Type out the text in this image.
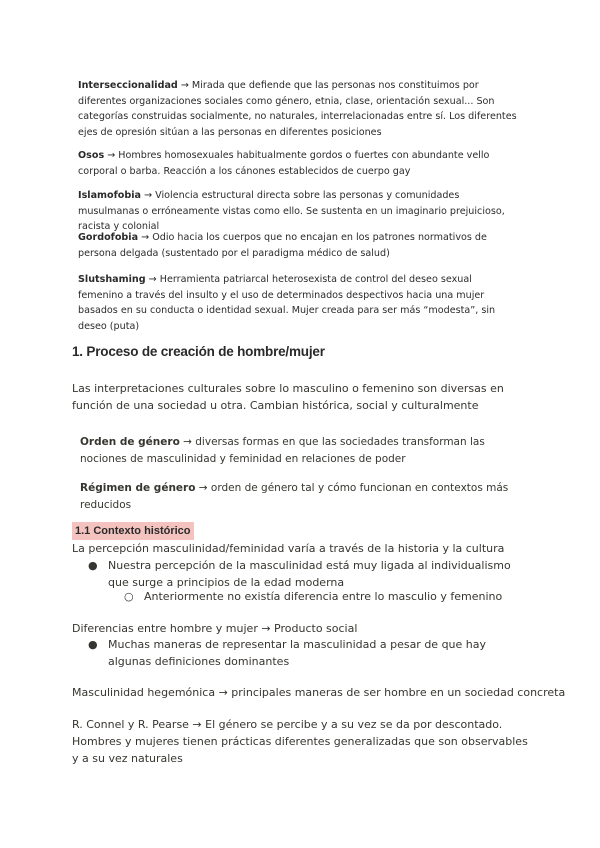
Interseccionalidad → Mirada que defiende que las personas nos constituimos por diferentes organizaciones sociales como género, etnia, clase, orientación sexual... Son categorías construidas socialmente, no naturales, interrelacionadas entre sí. Los diferentes ejes de opresión sitúan a las personas en diferentes posiciones
Osos → Hombres homosexuales habitualmente gordos o fuertes con abundante vello corporal o barba. Reacción a los cánones establecidos de cuerpo gay
Islamofobia → Violencia estructural directa sobre las personas y comunidades musulmanas o erróneamente vistas como ello. Se sustenta en un imaginario prejuicioso, racista y colonial
Gordofobia → Odio hacia los cuerpos que no encajan en los patrones normativos de persona delgada (sustentado por el paradigma médico de salud)
Slutshaming → Herramienta patriarcal heterosexista de control del deseo sexual femenino a través del insulto y el uso de determinados despectivos hacia una mujer basados en su conducta o identidad sexual. Mujer creada para ser más “modesta”, sin deseo (puta)
1. Proceso de creación de hombre/mujer
Las interpretaciones culturales sobre lo masculino o femenino son diversas en función de una sociedad u otra. Cambian histórica, social y culturalmente
Orden de género → diversas formas en que las sociedades transforman las nociones de masculinidad y feminidad en relaciones de poder
Régimen de género → orden de género tal y cómo funcionan en contextos más reducidos
1.1 Contexto histórico
La percepción masculinidad/feminidad varía a través de la historia y la cultura
● Nuestra percepción de la masculinidad está muy ligada al individualismo que surge a principios de la edad moderna
○ Anteriormente no existía diferencia entre lo masculio y femenino
Diferencias entre hombre y mujer → Producto social
● Muchas maneras de representar la masculinidad a pesar de que hay algunas definiciones dominantes
Masculinidad hegemónica → principales maneras de ser hombre en un sociedad concreta
R. Connel y R. Pearse → El género se percibe y a su vez se da por descontado. Hombres y mujeres tienen prácticas diferentes generalizadas que son observables y a su vez naturales
